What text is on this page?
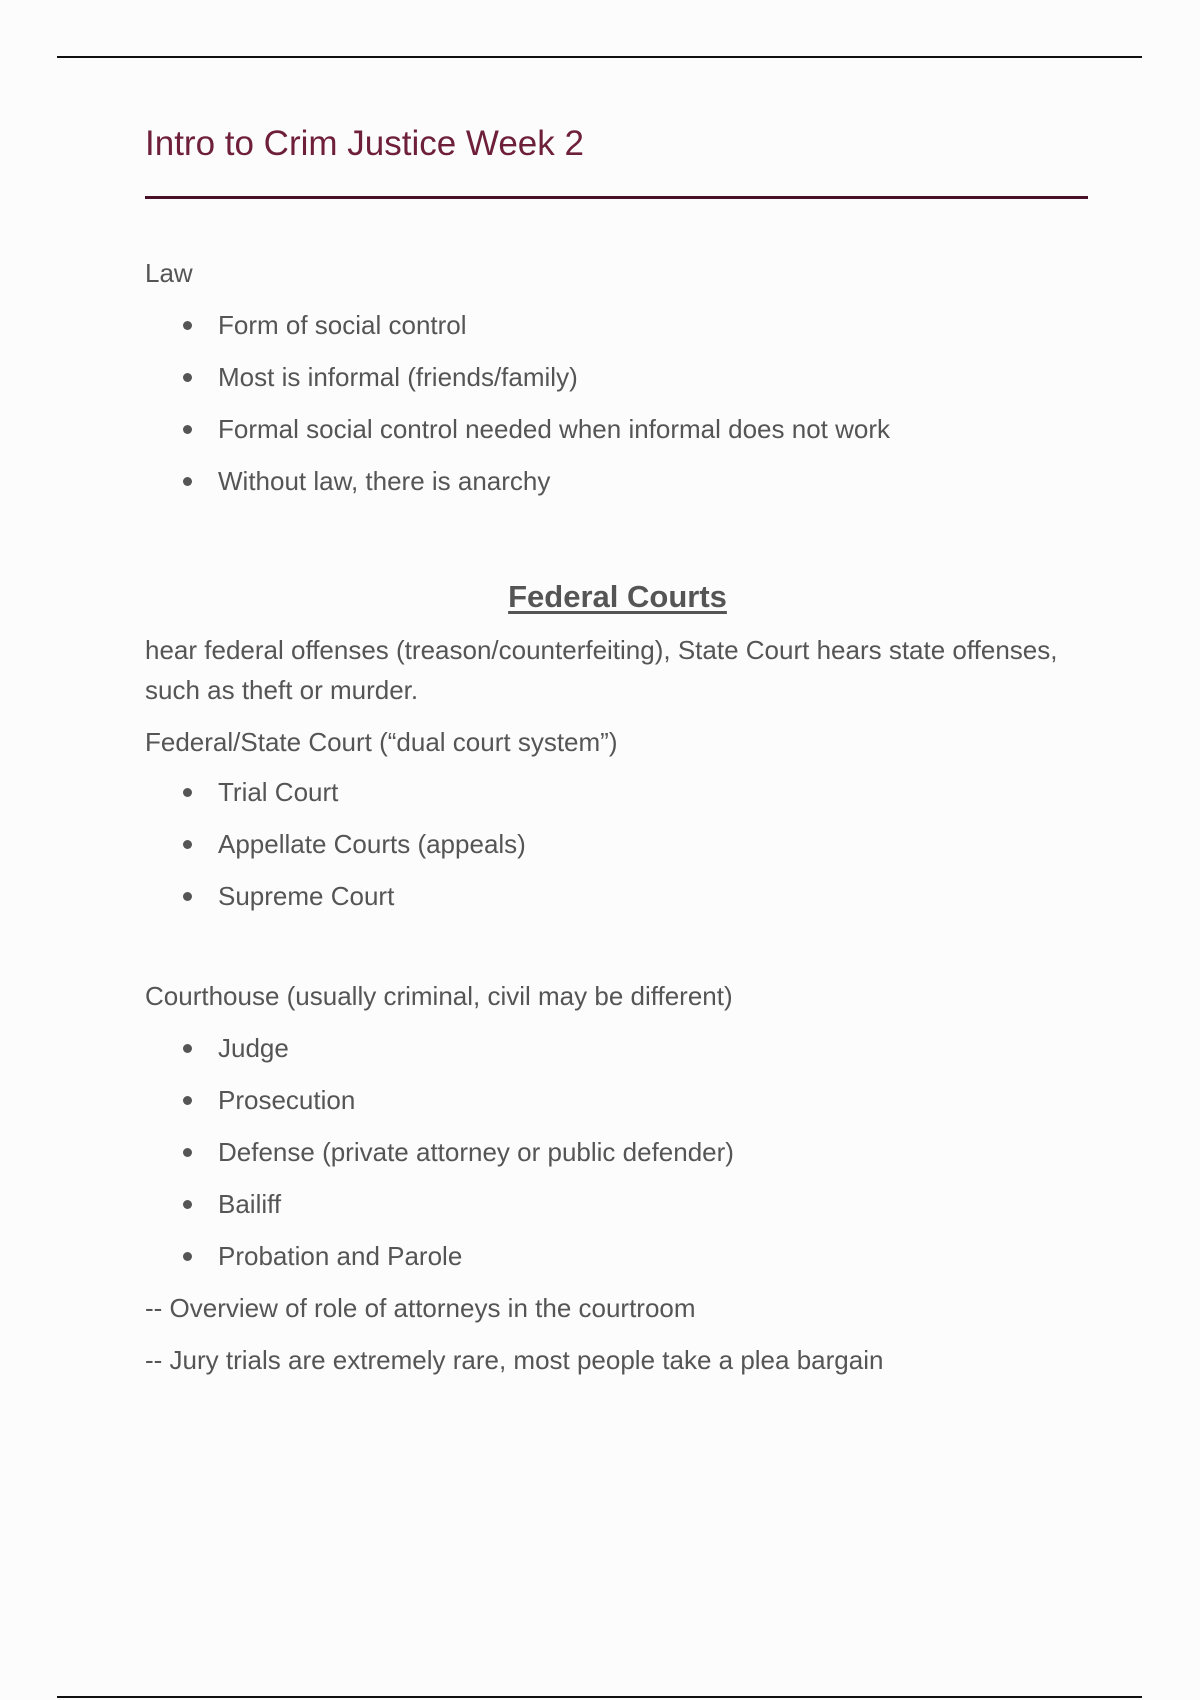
Intro to Crim Justice Week 2

Law

Form of social control
Most is informal (friends/family)
Formal social control needed when informal does not work
Without law, there is anarchy
Federal Courts

hear federal offenses (treason/counterfeiting), State Court hears state offenses, such as theft or murder.

Federal/State Court (“dual court system”)

Trial Court
Appellate Courts (appeals)
Supreme Court

Courthouse (usually criminal, civil may be different)

Judge
Prosecution
Defense (private attorney or public defender)
Bailiff
Probation and Parole

-- Overview of role of attorneys in the courtroom

-- Jury trials are extremely rare, most people take a plea bargain
